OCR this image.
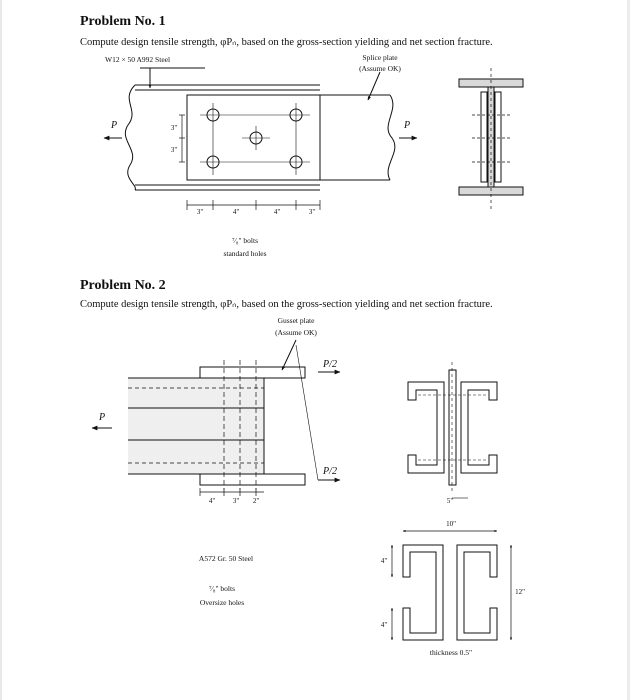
Problem No. 1
Compute design tensile strength, φPₙ, based on the gross-section yielding and net section fracture.
W12 × 50 A992 Steel	Splice plate
(Assume OK)
P	P
3"
3"
3"	4"	4"	3"
⁷⁄₈" bolts
standard holes
Problem No. 2
Compute design tensile strength, φPₙ, based on the gross-section yielding and net section fracture.
Gusset plate
(Assume OK)
P/2
P/2
P
4"	3" 2"	5"
10"
12"
4"
4"
A572 Gr. 50 Steel
⁷⁄₈" bolts
Oversize holes
thickness 0.5"
